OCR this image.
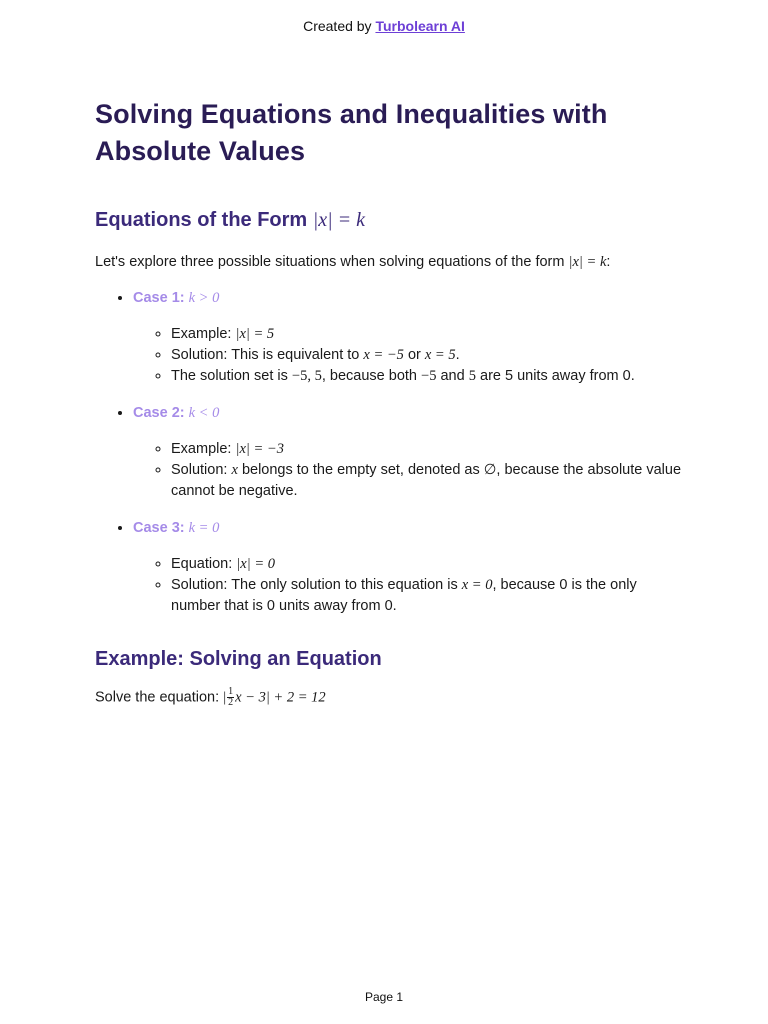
Created by Turbolearn AI
Solving Equations and Inequalities with
Absolute Values
Equations of the Form |x| = k

Let's explore three possible situations when solving equations of the form |x| = k:

• Case 1: k > 0
◦ Example: |x| = 5
◦ Solution: This is equivalent to x = −5 or x = 5.
◦ The solution set is −5, 5, because both −5 and 5 are 5 units away from 0.
• Case 2: k < 0
◦ Example: |x| = −3
◦ Solution: x belongs to the empty set, denoted as ∅, because the absolute value cannot be negative.
• Case 3: k = 0
◦ Equation: |x| = 0
◦ Solution: The only solution to this equation is x = 0, because 0 is the only number that is 0 units away from 0.
Example: Solving an Equation

Solve the equation: | $\frac{1}{2}$ x − 3| + 2 = 12

Page 1
